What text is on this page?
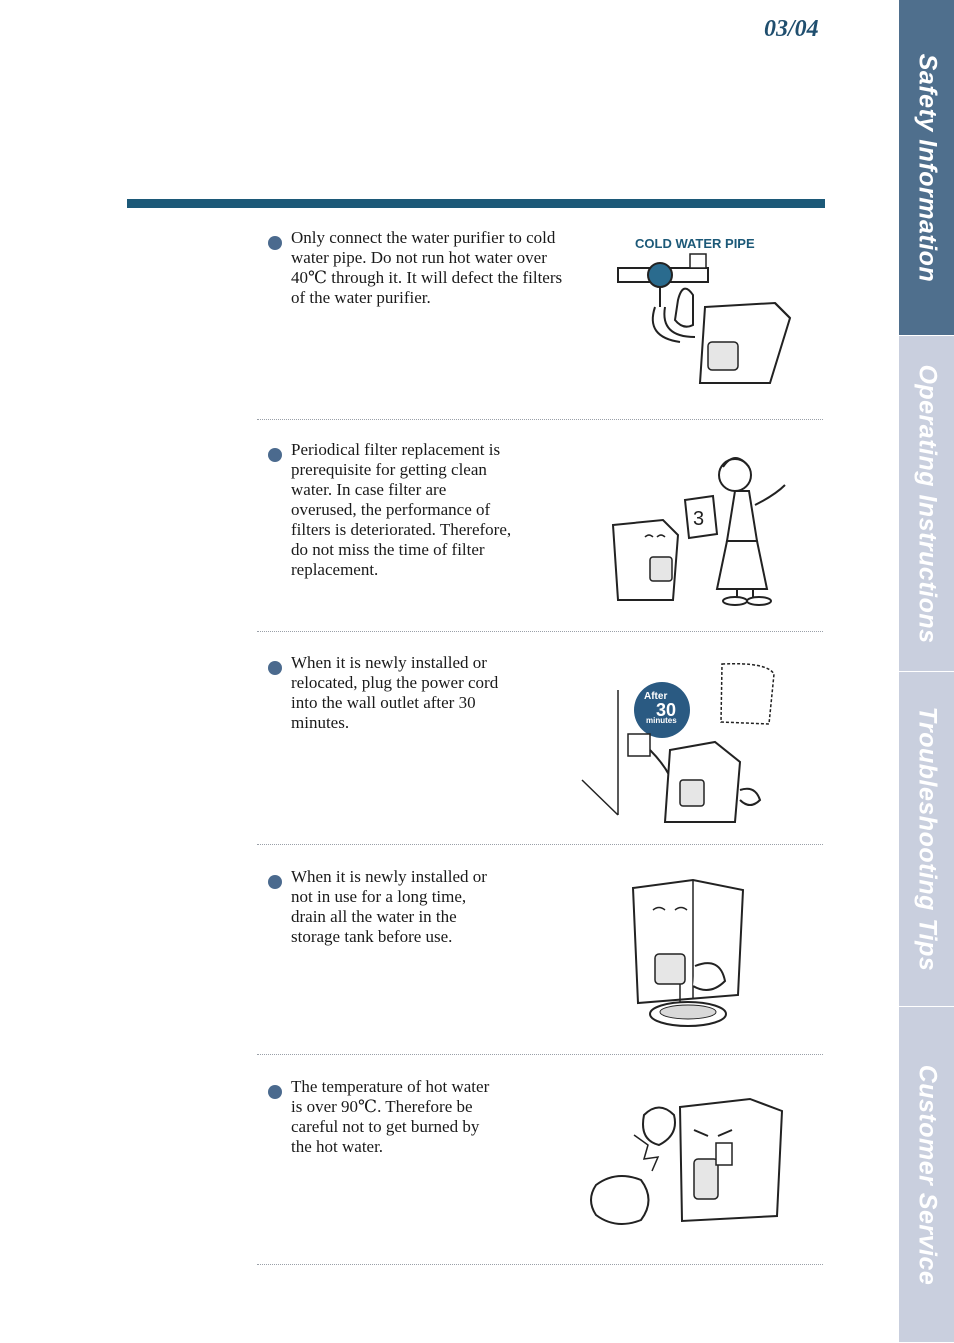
03/04
Safety Information
Operating Instructions
Troubleshooting Tips
Customer Service
Only connect the water purifier to cold
water pipe. Do not run hot water over
40℃ through it. It will defect the filters
of the water purifier.
COLD WATER PIPE
Periodical filter replacement is
prerequisite for getting clean
water. In case filter are
overused, the performance of
filters is deteriorated. Therefore,
do not miss the time of filter
replacement.
3
When it is newly installed or
relocated, plug the power cord
into the wall outlet after 30
minutes.
After
30
minutes
When it is newly installed or
not in use for a long time,
drain all the water in the
storage tank before use.
The temperature of hot water
is over 90℃. Therefore be
careful not to get burned by
the hot water.
